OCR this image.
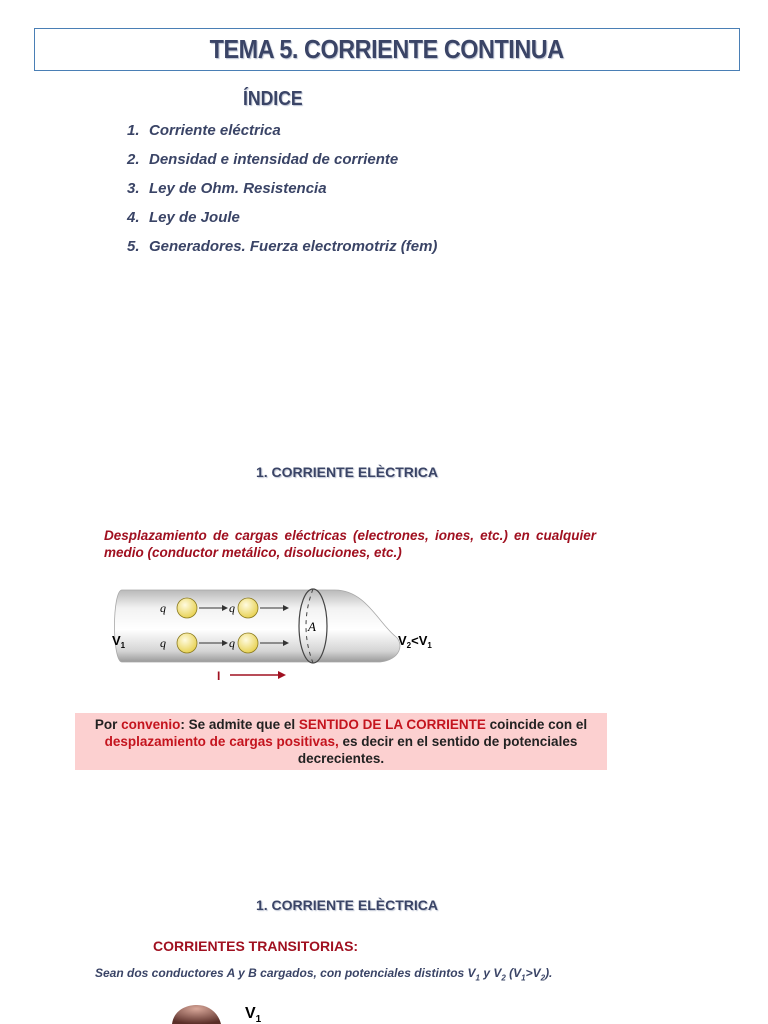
TEMA 5. CORRIENTE CONTINUA
ÍNDICE
1. Corriente eléctrica
2. Densidad e intensidad de corriente
3. Ley de Ohm. Resistencia
4. Ley de Joule
5. Generadores. Fuerza electromotriz (fem)
1. CORRIENTE ELÈCTRICA
Desplazamiento de cargas eléctricas (electrones, iones, etc.) en cualquier medio (conductor metálico, disoluciones, etc.)
A
q	q
q	q
$V_1$	$V_2<V_1$
I
Por convenio: Se admite que el SENTIDO DE LA CORRIENTE coincide con el desplazamiento de cargas positivas, es decir en el sentido de potenciales decrecientes.
1. CORRIENTE ELÈCTRICA
CORRIENTES TRANSITORIAS:
Sean dos conductores A y B cargados, con potenciales distintos $V_1$ y $V_2$ $(V_1>V_2)$.
$V_1$
